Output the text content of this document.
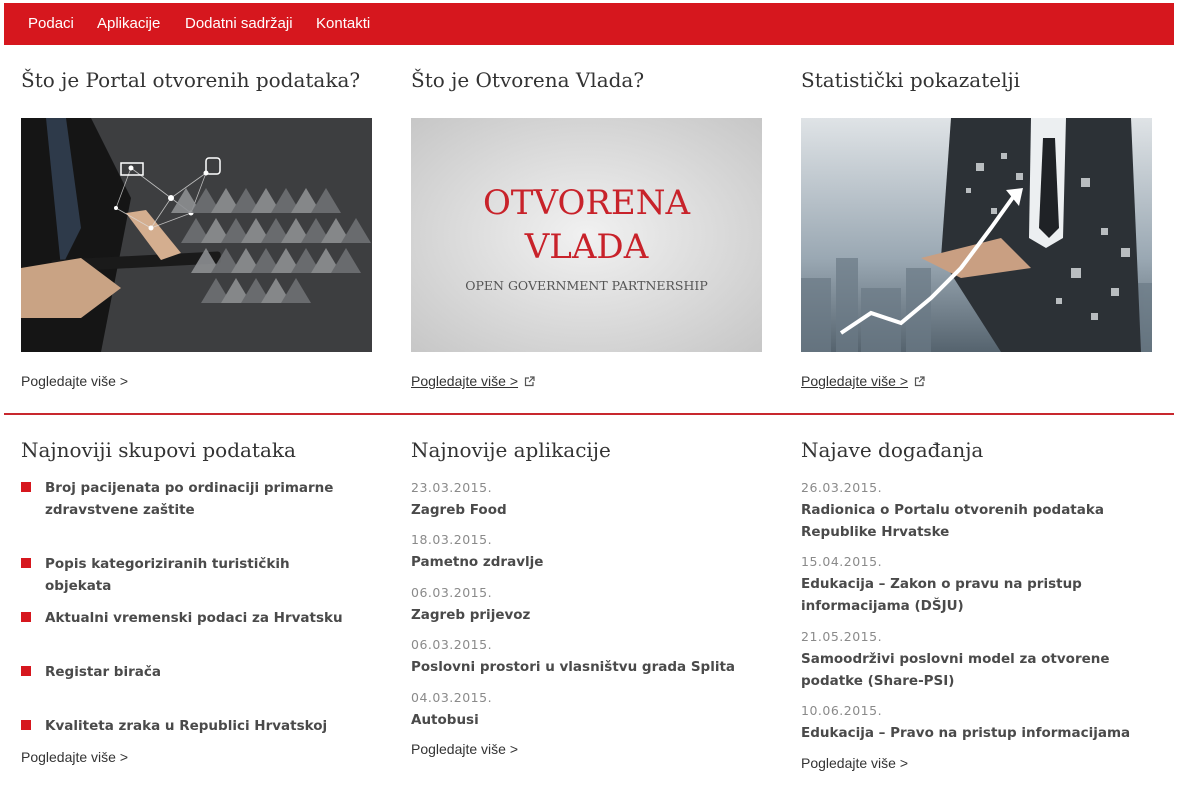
Podaci Aplikacije Dodatni sadržaji Kontakti
Što je Portal otvorenih podataka?
Pogledajte više >
Što je Otvorena Vlada?
OTVORENA
VLADA
OPEN GOVERNMENT PARTNERSHIP
Pogledajte više >
Statistički pokazatelji
Pogledajte više >
Najnoviji skupovi podataka
Broj pacijenata po ordinaciji primarne zdravstvene zaštite
Popis kategoriziranih turističkih objekata
Aktualni vremenski podaci za Hrvatsku
Registar birača
Kvaliteta zraka u Republici Hrvatskoj
Pogledajte više >
Najnovije aplikacije
23.03.2015.
Zagreb Food
18.03.2015.
Pametno zdravlje
06.03.2015.
Zagreb prijevoz
06.03.2015.
Poslovni prostori u vlasništvu grada Splita
04.03.2015.
Autobusi
Pogledajte više >
Najave događanja
26.03.2015.
Radionica o Portalu otvorenih podataka Republike Hrvatske
15.04.2015.
Edukacija – Zakon o pravu na pristup informacijama (DŠJU)
21.05.2015.
Samoodrživi poslovni model za otvorene podatke (Share-PSI)
10.06.2015.
Edukacija – Pravo na pristup informacijama
Pogledajte više >
